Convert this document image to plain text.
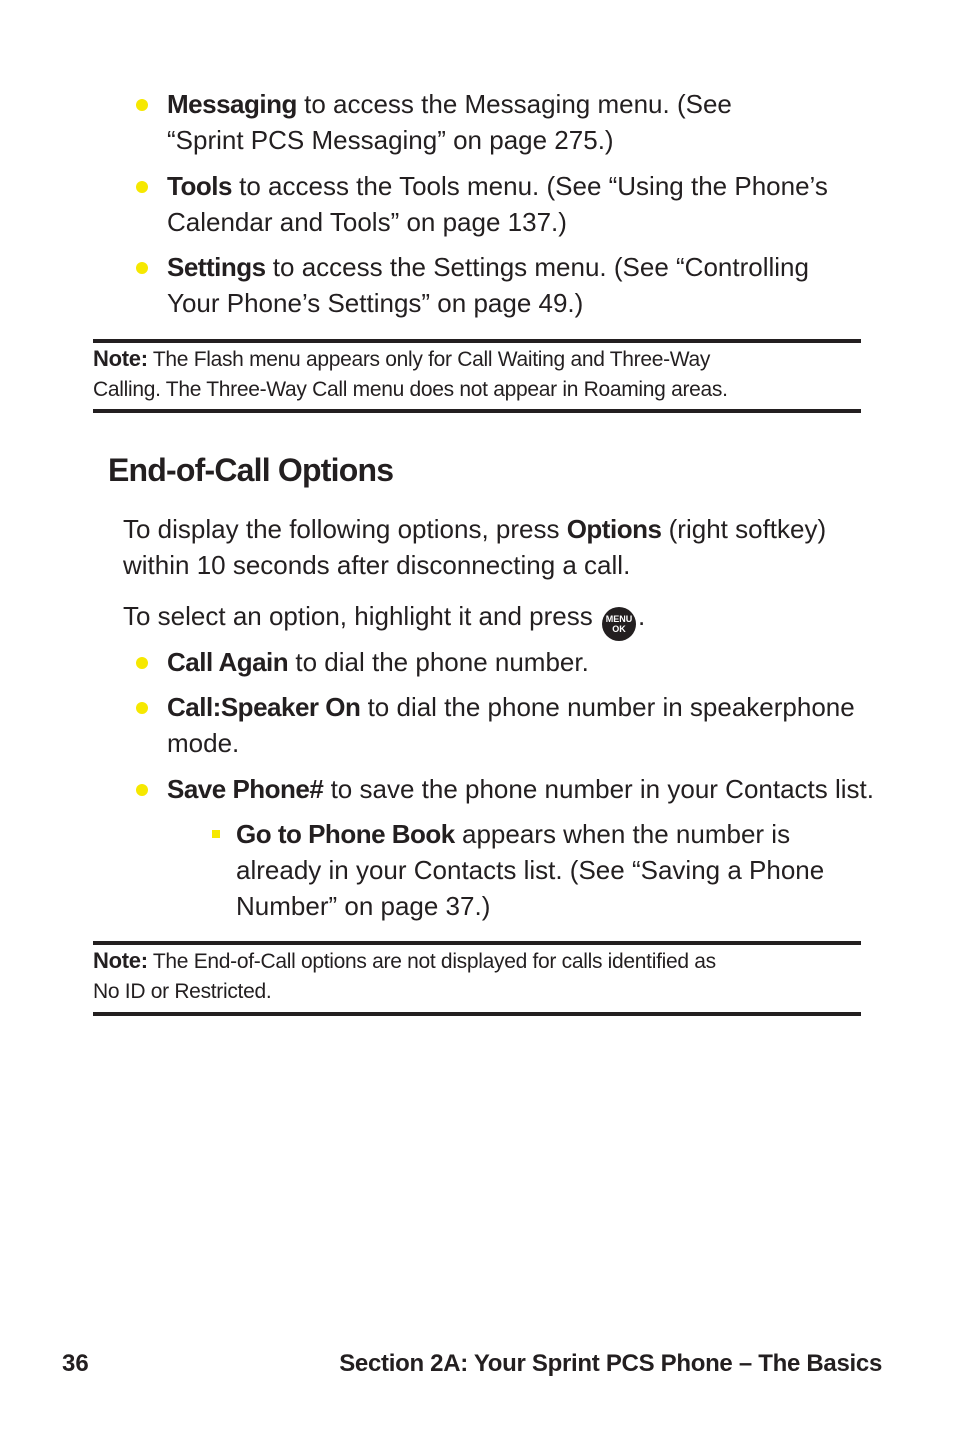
Messaging to access the Messaging menu. (See
“Sprint PCS Messaging” on page 275.)
Tools to access the Tools menu. (See “Using the Phone’s
Calendar and Tools” on page 137.)
Settings to access the Settings menu. (See “Controlling
Your Phone’s Settings” on page 49.)
Note: The Flash menu appears only for Call Waiting and Three-Way
Calling. The Three-Way Call menu does not appear in Roaming areas.
End-of-Call Options
To display the following options, press Options (right softkey)
within 10 seconds after disconnecting a call.
To select an option, highlight it and press MENU
OK .
Call Again to dial the phone number.
Call:Speaker On to dial the phone number in speakerphone
mode.
Save Phone# to save the phone number in your Contacts list.
Go to Phone Book appears when the number is
already in your Contacts list. (See “Saving a Phone
Number” on page 37.)
Note: The End-of-Call options are not displayed for calls identified as
No ID or Restricted.
36	Section 2A: Your Sprint PCS Phone – The Basics
